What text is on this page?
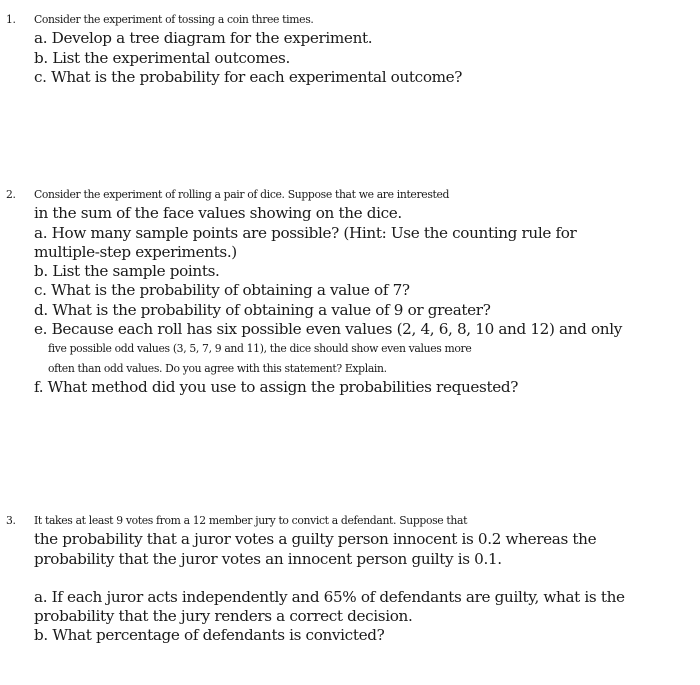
1. Consider the experiment of tossing a coin three times.
a. Develop a tree diagram for the experiment.
b. List the experimental outcomes.
c. What is the probability for each experimental outcome?
2. Consider the experiment of rolling a pair of dice. Suppose that we are interested
in the sum of the face values showing on the dice.
a. How many sample points are possible? (Hint: Use the counting rule for
multiple-step experiments.)
b. List the sample points.
c. What is the probability of obtaining a value of 7?
d. What is the probability of obtaining a value of 9 or greater?
e. Because each roll has six possible even values (2, 4, 6, 8, 10 and 12) and only
five possible odd values (3, 5, 7, 9 and 11), the dice should show even values more
often than odd values. Do you agree with this statement? Explain.
f. What method did you use to assign the probabilities requested?
3. It takes at least 9 votes from a 12 member jury to convict a defendant. Suppose that
the probability that a juror votes a guilty person innocent is 0.2 whereas the
probability that the juror votes an innocent person guilty is 0.1.
a. If each juror acts independently and 65% of defendants are guilty, what is the
probability that the jury renders a correct decision.
b. What percentage of defendants is convicted?
